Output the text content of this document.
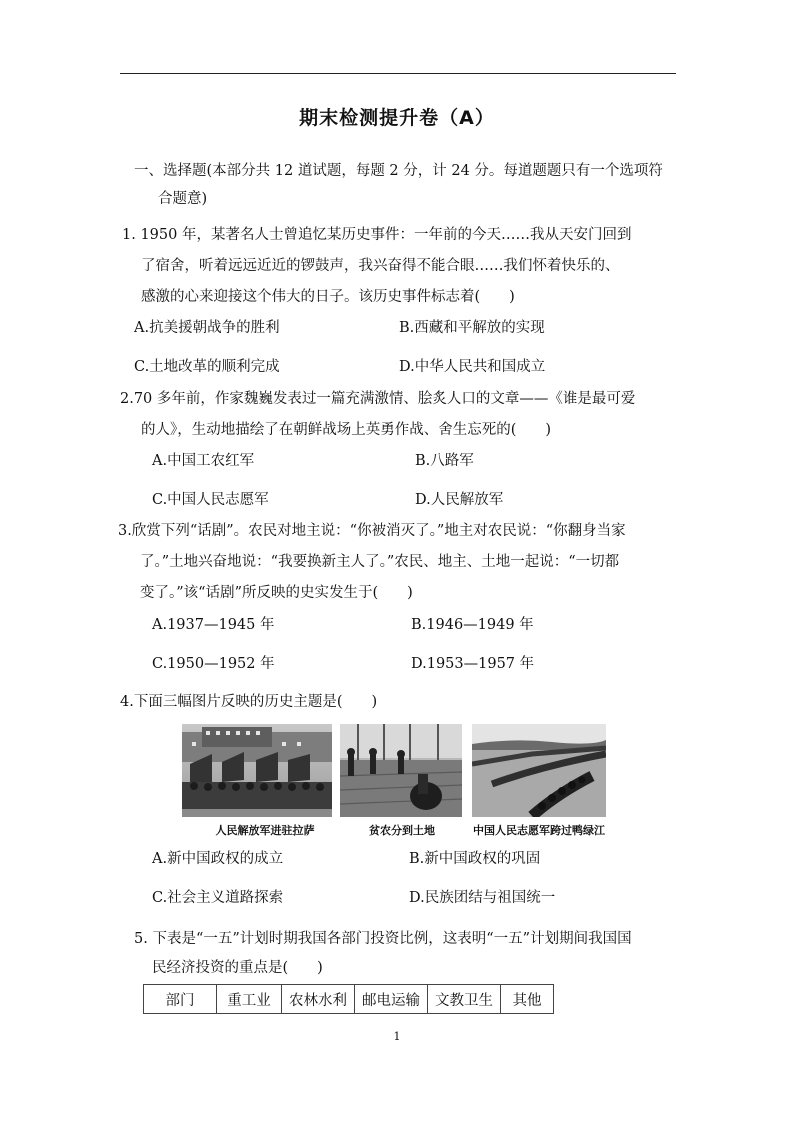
期末检测提升卷（A）
一、选择题(本部分共 12 道试题，每题 2 分，计 24 分。每道题题只有一个选项符
合题意)
1. 1950 年，某著名人士曾追忆某历史事件：一年前的今天……我从天安门回到
了宿舍，听着远远近近的锣鼓声，我兴奋得不能合眼……我们怀着快乐的、
感激的心来迎接这个伟大的日子。该历史事件标志着(　　)
A.抗美援朝战争的胜利	B.西藏和平解放的实现
C.土地改革的顺利完成	D.中华人民共和国成立
2.70 多年前，作家魏巍发表过一篇充满激情、脍炙人口的文章——《谁是最可爱
的人》，生动地描绘了在朝鲜战场上英勇作战、舍生忘死的(　　)
A.中国工农红军	B.八路军
C.中国人民志愿军	D.人民解放军
3.欣赏下列“话剧”。农民对地主说：“你被消灭了。”地主对农民说：“你翻身当家
了。”土地兴奋地说：“我要换新主人了。”农民、地主、土地一起说：“一切都
变了。”该“话剧”所反映的史实发生于(　　)
A.1937—1945 年	B.1946—1949 年
C.1950—1952 年	D.1953—1957 年
4.下面三幅图片反映的历史主题是(　　)
人民解放军进驻拉萨	贫农分到土地	中国人民志愿军跨过鸭绿江
A.新中国政权的成立	B.新中国政权的巩固
C.社会主义道路探索	D.民族团结与祖国统一
5. 下表是“一五”计划时期我国各部门投资比例，这表明“一五”计划期间我国国
民经济投资的重点是(　　)
部门	重工业	农林水利	邮电运输	文教卫生	其他
1
